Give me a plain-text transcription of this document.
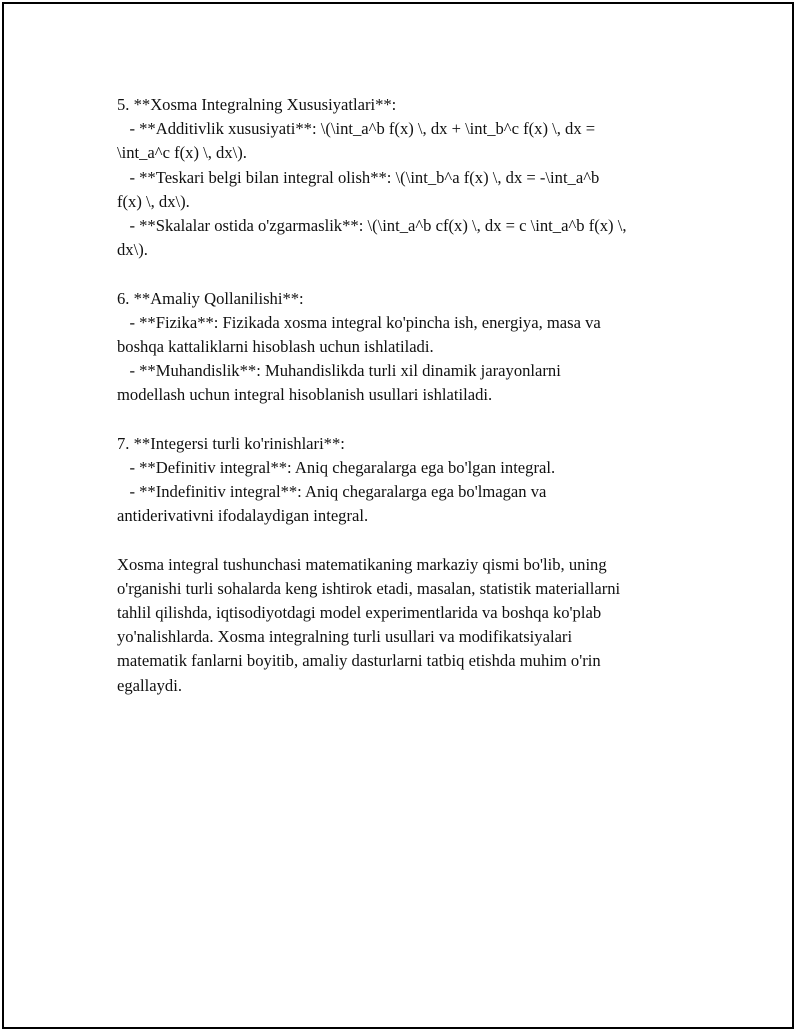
5. **Xosma Integralning Xususiyatlari**:
- **Additivlik xususiyati**: \(\int_a^b f(x) \, dx + \int_b^c f(x) \, dx =
\int_a^c f(x) \, dx\).
- **Teskari belgi bilan integral olish**: \(\int_b^a f(x) \, dx = -\int_a^b
f(x) \, dx\).
- **Skalalar ostida o'zgarmaslik**: \(\int_a^b cf(x) \, dx = c \int_a^b f(x) \,
dx\).
6. **Amaliy Qollanilishi**:
- **Fizika**: Fizikada xosma integral ko'pincha ish, energiya, masa va
boshqa kattaliklarni hisoblash uchun ishlatiladi.
- **Muhandislik**: Muhandislikda turli xil dinamik jarayonlarni
modellash uchun integral hisoblanish usullari ishlatiladi.
7. **Integersi turli ko'rinishlari**:
- **Definitiv integral**: Aniq chegaralarga ega bo'lgan integral.
- **Indefinitiv integral**: Aniq chegaralarga ega bo'lmagan va
antiderivativni ifodalaydigan integral.
Xosma integral tushunchasi matematikaning markaziy qismi bo'lib, uning
o'rganishi turli sohalarda keng ishtirok etadi, masalan, statistik materiallarni
tahlil qilishda, iqtisodiyotdagi model experimentlarida va boshqa ko'plab
yo'nalishlarda. Xosma integralning turli usullari va modifikatsiyalari
matematik fanlarni boyitib, amaliy dasturlarni tatbiq etishda muhim o'rin
egallaydi.
